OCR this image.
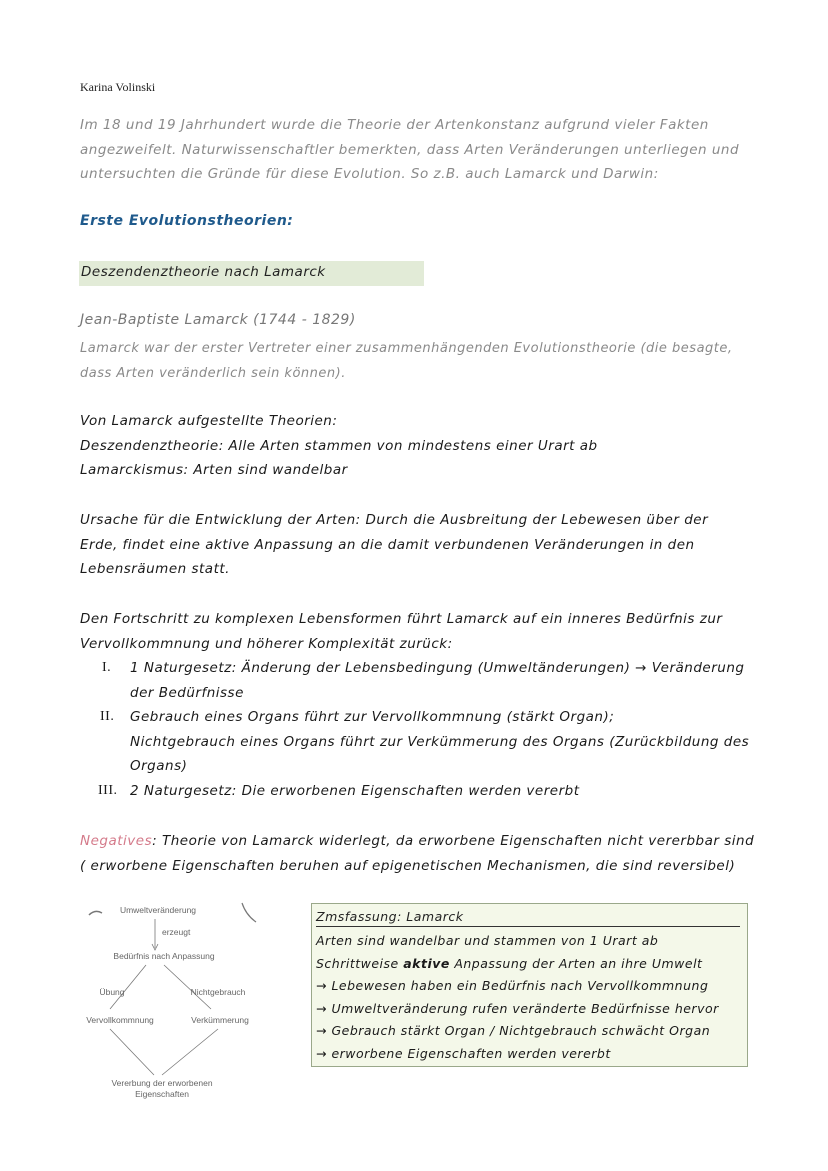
Karina Volinski
Im 18 und 19 Jahrhundert wurde die Theorie der Artenkonstanz aufgrund vieler Fakten
angezweifelt. Naturwissenschaftler bemerkten, dass Arten Veränderungen unterliegen und
untersuchten die Gründe für diese Evolution. So z.B. auch Lamarck und Darwin:
Erste Evolutionstheorien:
Deszendenztheorie nach Lamarck
Jean-Baptiste Lamarck (1744 - 1829)
Lamarck war der erster Vertreter einer zusammenhängenden Evolutionstheorie (die besagte,
dass Arten veränderlich sein können).
Von Lamarck aufgestellte Theorien:
Deszendenztheorie: Alle Arten stammen von mindestens einer Urart ab
Lamarckismus: Arten sind wandelbar
Ursache für die Entwicklung der Arten: Durch die Ausbreitung der Lebewesen über der
Erde, findet eine aktive Anpassung an die damit verbundenen Veränderungen in den
Lebensräumen statt.
Den Fortschritt zu komplexen Lebensformen führt Lamarck auf ein inneres Bedürfnis zur
Vervollkommnung und höherer Komplexität zurück:
I. 1 Naturgesetz: Änderung der Lebensbedingung (Umweltänderungen) → Veränderung
der Bedürfnisse
II. Gebrauch eines Organs führt zur Vervollkommnung (stärkt Organ);
Nichtgebrauch eines Organs führt zur Verkümmerung des Organs (Zurückbildung des
Organs)
III. 2 Naturgesetz: Die erworbenen Eigenschaften werden vererbt
Negatives: Theorie von Lamarck widerlegt, da erworbene Eigenschaften nicht vererbbar sind
( erworbene Eigenschaften beruhen auf epigenetischen Mechanismen, die sind reversibel)
Umweltveränderung
erzeugt
Bedürfnis nach Anpassung
Übung	Nichtgebrauch
Vervollkommnung	Verkümmerung
Vererbung der erworbenen
Eigenschaften
Zmsfassung: Lamarck
Arten sind wandelbar und stammen von 1 Urart ab
Schrittweise aktive Anpassung der Arten an ihre Umwelt
→ Lebewesen haben ein Bedürfnis nach Vervollkommnung
→ Umweltveränderung rufen veränderte Bedürfnisse hervor
→ Gebrauch stärkt Organ / Nichtgebrauch schwächt Organ
→ erworbene Eigenschaften werden vererbt
